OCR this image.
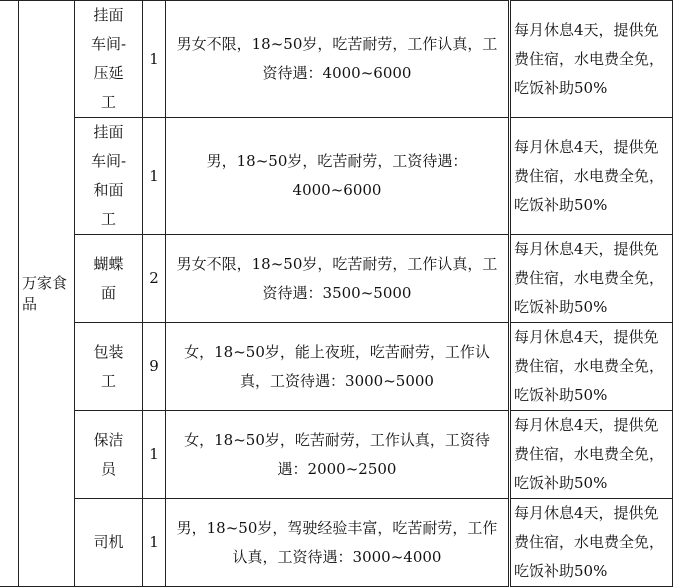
	万家食品	挂面车间-压延工	1	男女不限，18~50岁，吃苦耐劳，工作认真，工资待遇：4000~6000	每月休息4天，提供免费住宿，水电费全免，吃饭补助50%
		挂面车间-和面工	1	男，18~50岁，吃苦耐劳，工资待遇：4000~6000	每月休息4天，提供免费住宿，水电费全免，吃饭补助50%
		蝴蝶面	2	男女不限，18~50岁，吃苦耐劳，工作认真，工资待遇：3500~5000	每月休息4天，提供免费住宿，水电费全免，吃饭补助50%
		包装工	9	女，18~50岁，能上夜班，吃苦耐劳，工作认真，工资待遇：3000~5000	每月休息4天，提供免费住宿，水电费全免，吃饭补助50%
		保洁员	1	女，18~50岁，吃苦耐劳，工作认真，工资待遇：2000~2500	每月休息4天，提供免费住宿，水电费全免，吃饭补助50%
		司机	1	男，18~50岁，驾驶经验丰富，吃苦耐劳，工作认真，工资待遇：3000~4000	每月休息4天，提供免费住宿，水电费全免，吃饭补助50%
